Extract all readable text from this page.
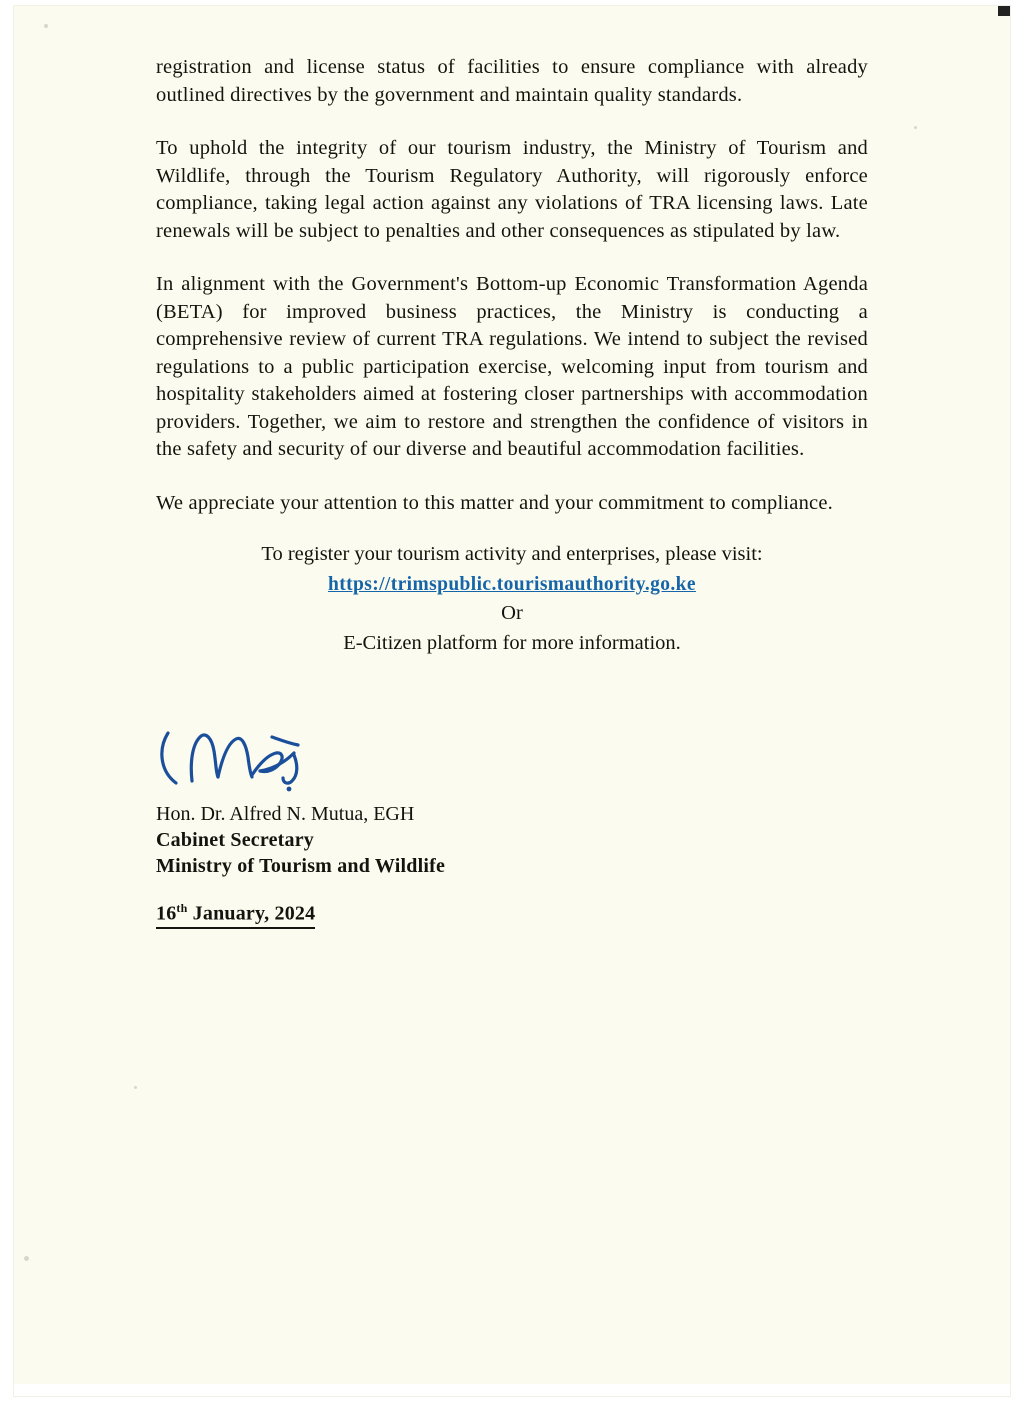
registration and license status of facilities to ensure compliance with already outlined directives by the government and maintain quality standards.

To uphold the integrity of our tourism industry, the Ministry of Tourism and Wildlife, through the Tourism Regulatory Authority, will rigorously enforce compliance, taking legal action against any violations of TRA licensing laws. Late renewals will be subject to penalties and other consequences as stipulated by law.

In alignment with the Government's Bottom-up Economic Transformation Agenda (BETA) for improved business practices, the Ministry is conducting a comprehensive review of current TRA regulations. We intend to subject the revised regulations to a public participation exercise, welcoming input from tourism and hospitality stakeholders aimed at fostering closer partnerships with accommodation providers. Together, we aim to restore and strengthen the confidence of visitors in the safety and security of our diverse and beautiful accommodation facilities.

We appreciate your attention to this matter and your commitment to compliance.

To register your tourism activity and enterprises, please visit:
https://trimspublic.tourismauthority.go.ke
Or
E-Citizen platform for more information.
Hon. Dr. Alfred N. Mutua, EGH
Cabinet Secretary
Ministry of Tourism and Wildlife
16th January, 2024
